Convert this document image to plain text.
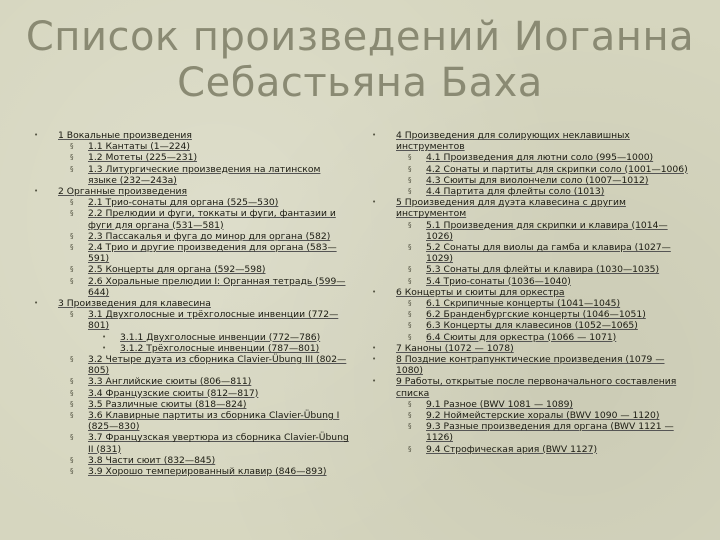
Список произведений Иоганна
Себастьяна Баха
• 1 Вокальные произведения
§ 1.1 Кантаты (1—224)
§ 1.2 Мотеты (225—231)
§ 1.3 Литургические произведения на латинском языке (232—243a)
• 2 Органные произведения
§ 2.1 Трио-сонаты для органа (525—530)
§ 2.2 Прелюдии и фуги, токкаты и фуги, фантазии и фуги для органа (531—581)
§ 2.3 Пассакалья и фуга до минор для органа (582)
§ 2.4 Трио и другие произведения для органа (583—591)
§ 2.5 Концерты для органа (592—598)
§ 2.6 Хоральные прелюдии I: Органная тетрадь (599—644)
• 3 Произведения для клавесина
§ 3.1 Двухголосные и трёхголосные инвенции (772—801)
• 3.1.1 Двухголосные инвенции (772—786)
• 3.1.2 Трёхголосные инвенции (787—801)
§ 3.2 Четыре дуэта из сборника Clavier-Übung III (802—805)
§ 3.3 Английские сюиты (806—811)
§ 3.4 Французские сюиты (812—817)
§ 3.5 Различные сюиты (818—824)
§ 3.6 Клавирные партиты из сборника Clavier-Übung I (825—830)
§ 3.7 Французская увертюра из сборника Clavier-Übung II (831)
§ 3.8 Части сюит (832—845)
§ 3.9 Хорошо темперированный клавир (846—893)
• 4 Произведения для солирующих неклавишных инструментов
§ 4.1 Произведения для лютни соло (995—1000)
§ 4.2 Сонаты и партиты для скрипки соло (1001—1006)
§ 4.3 Сюиты для виолончели соло (1007—1012)
§ 4.4 Партита для флейты соло (1013)
• 5 Произведения для дуэта клавесина с другим инструментом
§ 5.1 Произведения для скрипки и клавира (1014—1026)
§ 5.2 Сонаты для виолы да гамба и клавира (1027—1029)
§ 5.3 Сонаты для флейты и клавира (1030—1035)
§ 5.4 Трио-сонаты (1036—1040)
• 6 Концерты и сюиты для оркестра
§ 6.1 Скрипичные концерты (1041—1045)
§ 6.2 Бранденбургские концерты (1046—1051)
§ 6.3 Концерты для клавесинов (1052—1065)
§ 6.4 Сюиты для оркестра (1066 — 1071)
• 7 Каноны (1072 — 1078)
• 8 Поздние контрапунктические произведения (1079 — 1080)
• 9 Работы, открытые после первоначального составления списка
§ 9.1 Разное (BWV 1081 — 1089)
§ 9.2 Ноймейстерские хоралы (BWV 1090 — 1120)
§ 9.3 Разные произведения для органа (BWV 1121 — 1126)
§ 9.4 Строфическая ария (BWV 1127)
